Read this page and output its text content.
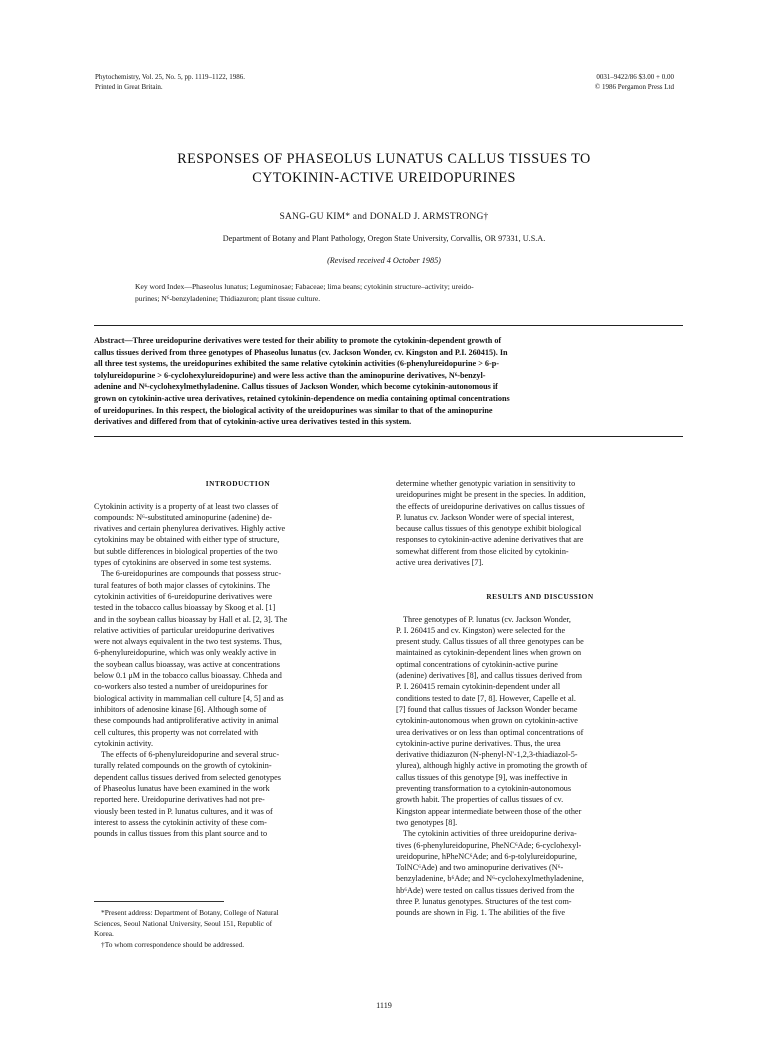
Phytochemistry, Vol. 25, No. 5, pp. 1119–1122, 1986.
Printed in Great Britain.
0031–9422/86 $3.00 + 0.00
© 1986 Pergamon Press Ltd
RESPONSES OF PHASEOLUS LUNATUS CALLUS TISSUES TO
CYTOKININ-ACTIVE UREIDOPURINES
SANG-GU KIM* and DONALD J. ARMSTRONG†
Department of Botany and Plant Pathology, Oregon State University, Corvallis, OR 97331, U.S.A.
(Revised received 4 October 1985)
Key word Index—Phaseolus lunatus; Leguminosae; Fabaceae; lima beans; cytokinin structure–activity; ureido-
purines; N⁶-benzyladenine; Thidiazuron; plant tissue culture.
Abstract—Three ureidopurine derivatives were tested for their ability to promote the cytokinin-dependent growth of
callus tissues derived from three genotypes of Phaseolus lunatus (cv. Jackson Wonder, cv. Kingston and P.I. 260415). In
all three test systems, the ureidopurines exhibited the same relative cytokinin activities (6-phenylureidopurine > 6-p-
tolylureidopurine > 6-cyclohexylureidopurine) and were less active than the aminopurine derivatives, N⁶-benzyl-
adenine and N⁶-cyclohexylmethyladenine. Callus tissues of Jackson Wonder, which become cytokinin-autonomous if
grown on cytokinin-active urea derivatives, retained cytokinin-dependence on media containing optimal concentrations
of ureidopurines. In this respect, the biological activity of the ureidopurines was similar to that of the aminopurine
derivatives and differed from that of cytokinin-active urea derivatives tested in this system.
INTRODUCTION
Cytokinin activity is a property of at least two classes of
compounds: N⁶-substituted aminopurine (adenine) de-
rivatives and certain phenylurea derivatives. Highly active
cytokinins may be obtained with either type of structure,
but subtle differences in biological properties of the two
types of cytokinins are observed in some test systems.
The 6-ureidopurines are compounds that possess struc-
tural features of both major classes of cytokinins. The
cytokinin activities of 6-ureidopurine derivatives were
tested in the tobacco callus bioassay by Skoog et al. [1]
and in the soybean callus bioassay by Hall et al. [2, 3]. The
relative activities of particular ureidopurine derivatives
were not always equivalent in the two test systems. Thus,
6-phenylureidopurine, which was only weakly active in
the soybean callus bioassay, was active at concentrations
below 0.1 μM in the tobacco callus bioassay. Chheda and
co-workers also tested a number of ureidopurines for
biological activity in mammalian cell culture [4, 5] and as
inhibitors of adenosine kinase [6]. Although some of
these compounds had antiproliferative activity in animal
cell cultures, this property was not correlated with
cytokinin activity.
The effects of 6-phenylureidopurine and several struc-
turally related compounds on the growth of cytokinin-
dependent callus tissues derived from selected genotypes
of Phaseolus lunatus have been examined in the work
reported here. Ureidopurine derivatives had not pre-
viously been tested in P. lunatus cultures, and it was of
interest to assess the cytokinin activity of these com-
pounds in callus tissues from this plant source and to
determine whether genotypic variation in sensitivity to
ureidopurines might be present in the species. In addition,
the effects of ureidopurine derivatives on callus tissues of
P. lunatus cv. Jackson Wonder were of special interest,
because callus tissues of this genotype exhibit biological
responses to cytokinin-active adenine derivatives that are
somewhat different from those elicited by cytokinin-
active urea derivatives [7].
RESULTS AND DISCUSSION
Three genotypes of P. lunatus (cv. Jackson Wonder,
P. I. 260415 and cv. Kingston) were selected for the
present study. Callus tissues of all three genotypes can be
maintained as cytokinin-dependent lines when grown on
optimal concentrations of cytokinin-active purine
(adenine) derivatives [8], and callus tissues derived from
P. I. 260415 remain cytokinin-dependent under all
conditions tested to date [7, 8]. However, Capelle et al.
[7] found that callus tissues of Jackson Wonder became
cytokinin-autonomous when grown on cytokinin-active
urea derivatives or on less than optimal concentrations of
cytokinin-active purine derivatives. Thus, the urea
derivative thidiazuron (N-phenyl-N'-1,2,3-thiadiazol-5-
ylurea), although highly active in promoting the growth of
callus tissues of this genotype [9], was ineffective in
preventing transformation to a cytokinin-autonomous
growth habit. The properties of callus tissues of cv.
Kingston appear intermediate between those of the other
two genotypes [8].
The cytokinin activities of three ureidopurine deriva-
tives (6-phenylureidopurine, PheNC⁶Ade; 6-cyclohexyl-
ureidopurine, hPheNC⁶Ade; and 6-p-tolylureidopurine,
TolNC⁶Ade) and two aminopurine derivatives (N⁶-
benzyladenine, b⁶Ade; and N⁶-cyclohexylmethyladenine,
hb⁶Ade) were tested on callus tissues derived from the
three P. lunatus genotypes. Structures of the test com-
pounds are shown in Fig. 1. The abilities of the five
*Present address: Department of Botany, College of Natural
Sciences, Seoul National University, Seoul 151, Republic of
Korea.
†To whom correspondence should be addressed.
1119
